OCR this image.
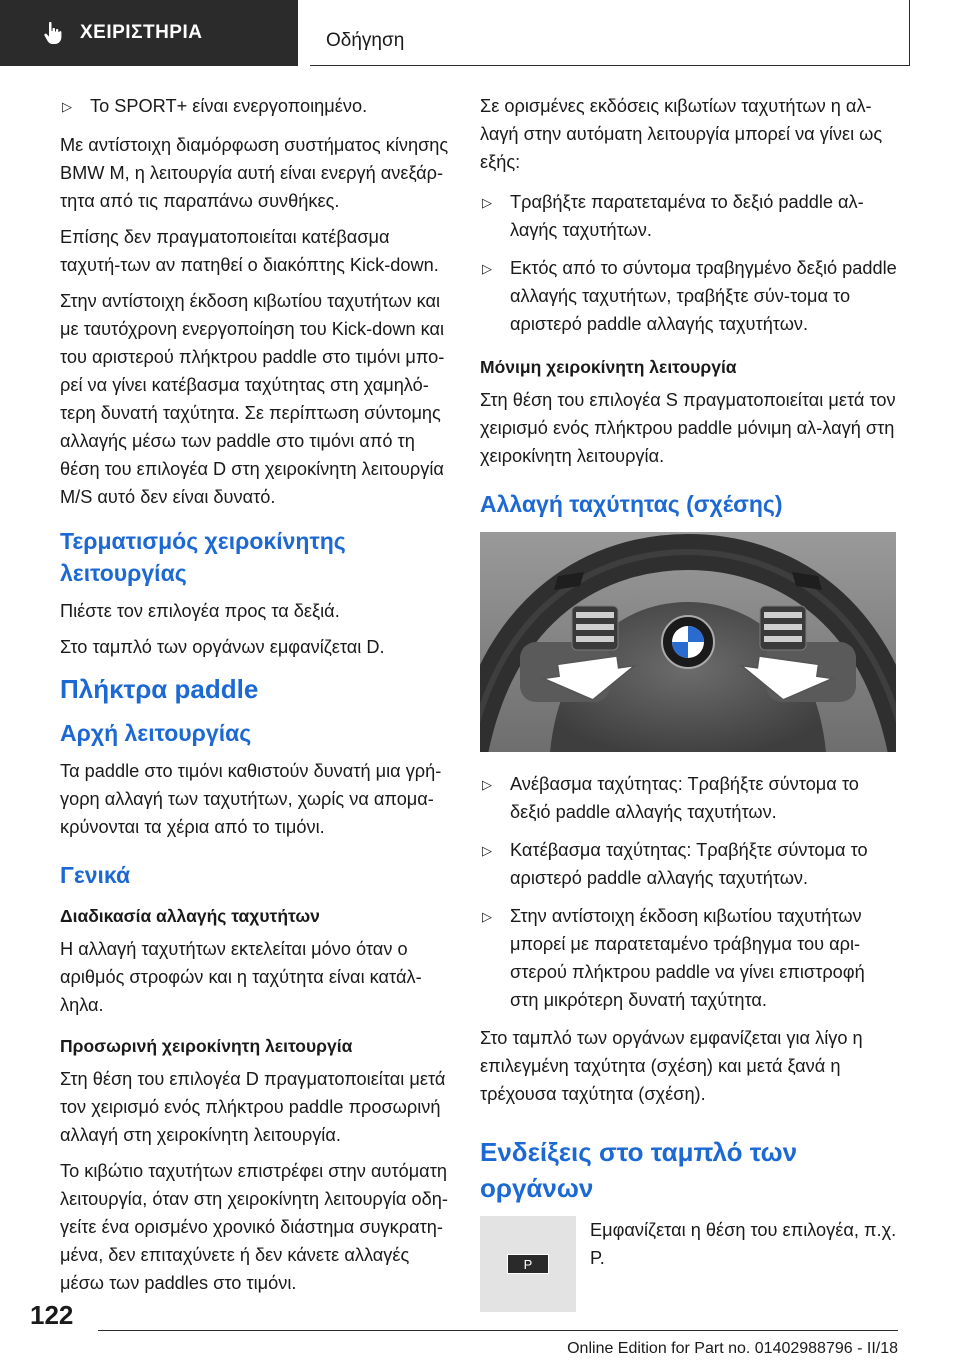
ΧΕΙΡΙΣΤΗΡΙΑ	Οδήγηση
▷ Το SPORT+ είναι ενεργοποιημένο.

Με αντίστοιχη διαμόρφωση συστήματος κίνησης BMW M, η λειτουργία αυτή είναι ενεργή ανεξάρ-τητα από τις παραπάνω συνθήκες.

Επίσης δεν πραγματοποιείται κατέβασμα ταχυτή-των αν πατηθεί ο διακόπτης Kick-down.

Στην αντίστοιχη έκδοση κιβωτίου ταχυτήτων και με ταυτόχρονη ενεργοποίηση του Kick-down και του αριστερού πλήκτρου paddle στο τιμόνι μπο-ρεί να γίνει κατέβασμα ταχύτητας στη χαμηλό-τερη δυνατή ταχύτητα. Σε περίπτωση σύντομης αλλαγής μέσω των paddle στο τιμόνι από τη θέση του επιλογέα D στη χειροκίνητη λειτουργία M/S αυτό δεν είναι δυνατό.

Τερματισμός χειροκίνητης λειτουργίας

Πιέστε τον επιλογέα προς τα δεξιά.

Στο ταμπλό των οργάνων εμφανίζεται D.

Πλήκτρα paddle
Αρχή λειτουργίας

Τα paddle στο τιμόνι καθιστούν δυνατή μια γρή-γορη αλλαγή των ταχυτήτων, χωρίς να απομα-κρύνονται τα χέρια από το τιμόνι.

Γενικά
Διαδικασία αλλαγής ταχυτήτων

Η αλλαγή ταχυτήτων εκτελείται μόνο όταν ο αριθμός στροφών και η ταχύτητα είναι κατάλ-ληλα.

Προσωρινή χειροκίνητη λειτουργία

Στη θέση του επιλογέα D πραγματοποιείται μετά τον χειρισμό ενός πλήκτρου paddle προσωρινή αλλαγή στη χειροκίνητη λειτουργία.

Το κιβώτιο ταχυτήτων επιστρέφει στην αυτόματη λειτουργία, όταν στη χειροκίνητη λειτουργία οδη-γείτε ένα ορισμένο χρονικό διάστημα συγκρατη-μένα, δεν επιταχύνετε ή δεν κάνετε αλλαγές μέσω των paddles στο τιμόνι.

Σε ορισμένες εκδόσεις κιβωτίων ταχυτήτων η αλ-λαγή στην αυτόματη λειτουργία μπορεί να γίνει ως εξής:

▷ Τραβήξτε παρατεταμένα το δεξιό paddle αλ-λαγής ταχυτήτων.
▷ Εκτός από το σύντομα τραβηγμένο δεξιό paddle αλλαγής ταχυτήτων, τραβήξτε σύν-τομα το αριστερό paddle αλλαγής ταχυτήτων.
Μόνιμη χειροκίνητη λειτουργία

Στη θέση του επιλογέα S πραγματοποιείται μετά τον χειρισμό ενός πλήκτρου paddle μόνιμη αλ-λαγή στη χειροκίνητη λειτουργία.

Αλλαγή ταχύτητας (σχέσης)
▷ Ανέβασμα ταχύτητας: Τραβήξτε σύντομα το δεξιό paddle αλλαγής ταχυτήτων.
▷ Κατέβασμα ταχύτητας: Τραβήξτε σύντομα το αριστερό paddle αλλαγής ταχυτήτων.
▷ Στην αντίστοιχη έκδοση κιβωτίου ταχυτήτων μπορεί με παρατεταμένο τράβηγμα του αρι-στερού πλήκτρου paddle να γίνει επιστροφή στη μικρότερη δυνατή ταχύτητα.

Στο ταμπλό των οργάνων εμφανίζεται για λίγο η επιλεγμένη ταχύτητα (σχέση) και μετά ξανά η τρέχουσα ταχύτητα (σχέση).

Ενδείξεις στο ταμπλό των οργάνων
P
Εμφανίζεται η θέση του επιλογέα, π.χ. P.
122
Online Edition for Part no. 01402988796 - II/18
